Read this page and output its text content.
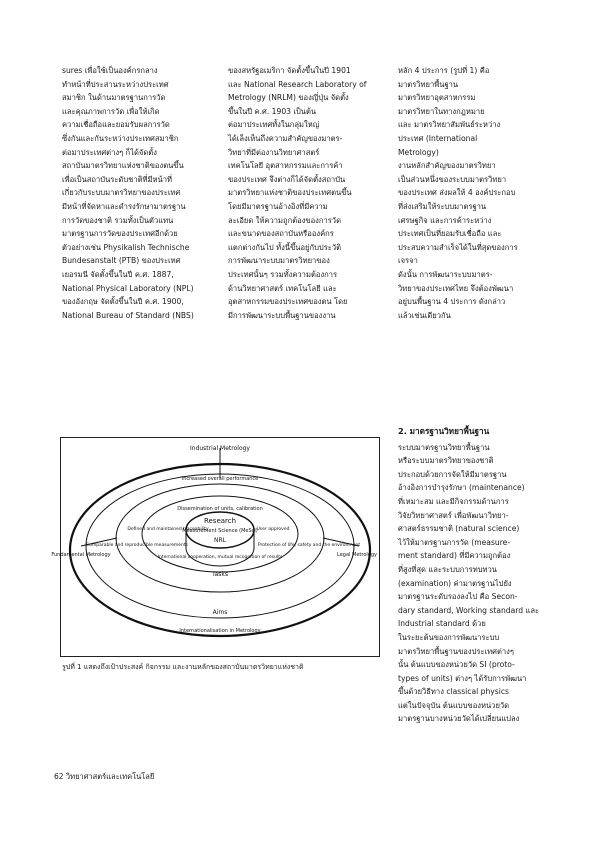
sures เพื่อใช้เป็นองค์กรกลาง

ทำหน้าที่ประสานระหว่างประเทศ

สมาชิก ในด้านมาตรฐานการวัด

และคุณภาพการวัด เพื่อให้เกิด

ความเชื่อถือและยอมรับผลการวัด

ซึ่งกันและกันระหว่างประเทศสมาชิก

ต่อมาประเทศต่างๆ ก็ได้จัดตั้ง

สถาบันมาตรวิทยาแห่งชาติของตนขึ้น

เพื่อเป็นสถาบันระดับชาติที่มีหน้าที่

เกี่ยวกับระบบมาตรวิทยาของประเทศ

มีหน้าที่จัดหาและดำรงรักษามาตรฐาน

การวัดของชาติ รวมทั้งเป็นตัวแทน

มาตรฐานการวัดของประเทศอีกด้วย

ตัวอย่างเช่น Physikalish Technische

Bundesanstalt (PTB) ของประเทศ

เยอรมนี จัดตั้งขึ้นในปี ค.ศ. 1887,

National Physical Laboratory (NPL)

ของอังกฤษ จัดตั้งขึ้นในปี ค.ศ. 1900,

National Bureau of Standard (NBS)

ของสหรัฐอเมริกา จัดตั้งขึ้นในปี 1901

และ National Research Laboratory of

Metrology (NRLM) ของญี่ปุ่น จัดตั้ง

ขึ้นในปี ค.ศ. 1903 เป็นต้น

ต่อมาประเทศทั้งในกลุ่มใหญ่

ได้เล็งเห็นถึงความสำคัญของมาตร-

วิทยาที่มีต่องานวิทยาศาสตร์

เทคโนโลยี อุตสาหกรรมและการค้า

ของประเทศ จึงต่างก็ได้จัดตั้งสถาบัน

มาตรวิทยาแห่งชาติของประเทศตนขึ้น

โดยมีมาตรฐานอ้างอิงที่มีความ

ละเอียด ให้ความถูกต้องของการวัด

และขนาดของสถาบันหรือองค์กร

แตกต่างกันไป ทั้งนี้ขึ้นอยู่กับประวัติ

การพัฒนาระบบมาตรวิทยาของ

ประเทศนั้นๆ รวมทั้งความต้องการ

ด้านวิทยาศาสตร์ เทคโนโลยี และ

อุตสาหกรรมของประเทศของตน โดย

มีการพัฒนาระบบพื้นฐานของงาน

หลัก 4 ประการ (รูปที่ 1) คือ

มาตรวิทยาพื้นฐาน

มาตรวิทยาอุตสาหกรรม

มาตรวิทยาในทางกฎหมาย

และ มาตรวิทยาสัมพันธ์ระหว่าง

ประเทศ (International

Metrology)

งานหลักสำคัญของมาตรวิทยา

เป็นส่วนหนึ่งของระบบมาตรวิทยา

ของประเทศ ส่งผลให้ 4 องค์ประกอบ

ที่ส่งเสริมให้ระบบมาตรฐาน

เศรษฐกิจ และการค้าระหว่าง

ประเทศเป็นที่ยอมรับเชื่อถือ และ

ประสบความสำเร็จได้ในที่สุดของการ

เจรจา

ดังนั้น การพัฒนาระบบมาตร-

วิทยาของประเทศไทย จึงต้องพัฒนา

อยู่บนพื้นฐาน 4 ประการ ดังกล่าว

แล้วเช่นเดียวกัน

2. มาตรฐานวิทยาพื้นฐาน

ระบบมาตรฐานวิทยาพื้นฐาน

หรือระบบมาตรวิทยาของชาติ

ประกอบด้วยการจัดให้มีมาตรฐาน

อ้างอิงการบำรุงรักษา (maintenance)

ที่เหมาะสม และมีกิจกรรมด้านการ

วิจัยวิทยาศาสตร์ เพื่อพัฒนาวิทยา-

ศาสตร์ธรรมชาติ (natural science)

ไว้ให้มาตรฐานการวัด (measure-

ment standard) ที่มีความถูกต้อง

ที่สูงที่สุด และระบบการทบทวน

(examination) ค่ามาตรฐานไปยัง

มาตรฐานระดับรองลงไป คือ Secon-

dary standard, Working standard และ

Industrial standard ด้วย

ในระยะต้นของการพัฒนาระบบ

มาตรวิทยาพื้นฐานของประเทศต่างๆ

นั้น ต้นแบบของหน่วยวัด SI (proto-

types of units) ต่างๆ ได้รับการพัฒนา

ขึ้นด้วยวิธีทาง classical physics

แต่ในปัจจุบัน ต้นแบบของหน่วยวัด

มาตรฐานบางหน่วยวัดได้เปลี่ยนแปลง

Industrial Metrology
Increased overall performance
Dissemination of units, calibration
Research
Measurement Science (MeSci)
NRL
International cooperation, mutual recognition of results
Tasks
Aims
Internationalisation in Metrology
Defined and maintained traceability
Comparable and reproducible measurements
User approved
Protection of life, safety and the environment
Fundamental Metrology	Legal Metrology
รูปที่ 1 แสดงถึงเป้าประสงค์ กิจกรรม และงานหลักของสถาบันมาตรวิทยาแห่งชาติ
62 วิทยาศาสตร์และเทคโนโลยี
